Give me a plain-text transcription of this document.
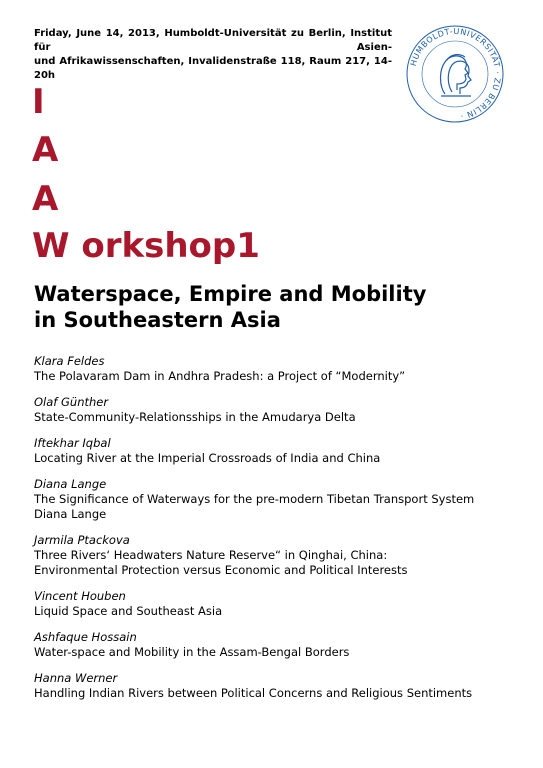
Friday, June 14, 2013, Humboldt-Universität zu Berlin, Institut für Asien-
und Afrikawissenschaften, Invalidenstraße 118, Raum 217, 14-20h
HUMBOLDT-UNIVERSITÄT · ZU BERLIN ·
I
A
A
W orkshop1
Waterspace, Empire and Mobility
in Southeastern Asia
Klara Feldes
The Polavaram Dam in Andhra Pradesh: a Project of “Modernity”
Olaf Günther
State-Community-Relationsships in the Amudarya Delta
Iftekhar Iqbal
Locating River at the Imperial Crossroads of India and China
Diana Lange
The Significance of Waterways for the pre-modern Tibetan Transport System
Diana Lange
Jarmila Ptackova
Three Rivers‘ Headwaters Nature Reserve“ in Qinghai, China:
Environmental Protection versus Economic and Political Interests
Vincent Houben
Liquid Space and Southeast Asia
Ashfaque Hossain
Water-space and Mobility in the Assam-Bengal Borders
Hanna Werner
Handling Indian Rivers between Political Concerns and Religious Sentiments
